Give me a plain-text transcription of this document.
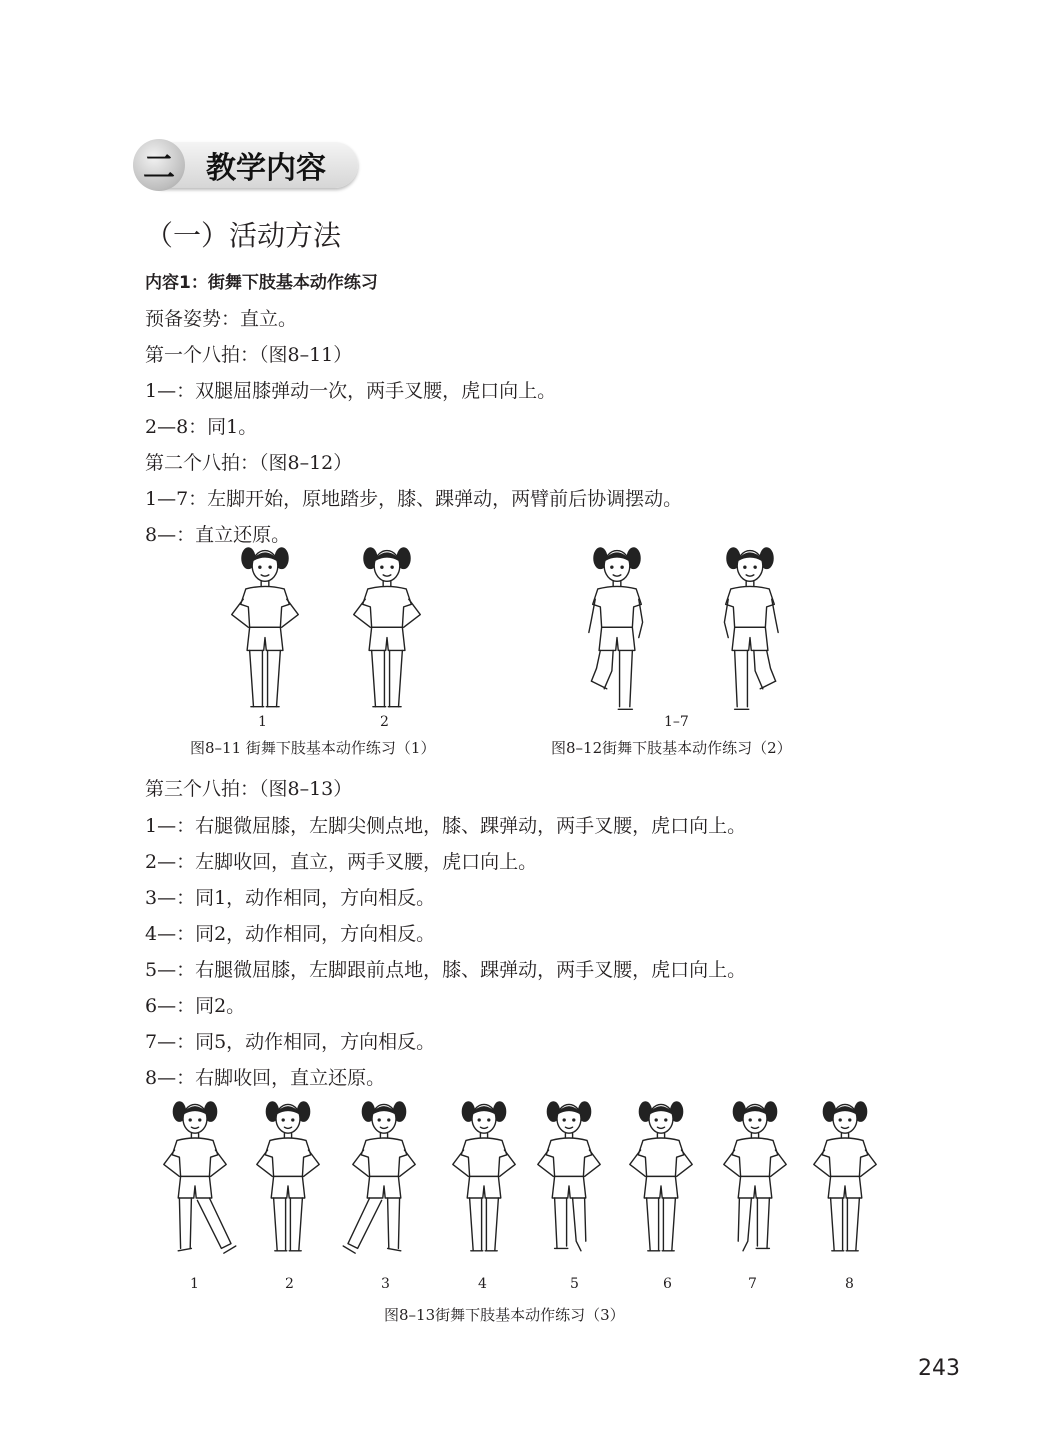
二 教学内容
（一）活动方法
内容1：街舞下肢基本动作练习
预备姿势：直立。
第一个八拍：（图8–11）
1—：双腿屈膝弹动一次，两手叉腰，虎口向上。
2—8：同1。
第二个八拍：（图8–12）
1—7：左脚开始，原地踏步，膝、踝弹动，两臂前后协调摆动。
8—：直立还原。
1	2	1–7
图8–11 街舞下肢基本动作练习（1）	图8–12街舞下肢基本动作练习（2）
第三个八拍：（图8–13）
1—：右腿微屈膝，左脚尖侧点地，膝、踝弹动，两手叉腰，虎口向上。
2—：左脚收回，直立，两手叉腰，虎口向上。
3—：同1，动作相同，方向相反。
4—：同2，动作相同，方向相反。
5—：右腿微屈膝，左脚跟前点地，膝、踝弹动，两手叉腰，虎口向上。
6—：同2。
7—：同5，动作相同，方向相反。
8—：右脚收回，直立还原。
1	2	3	4	5	6	7	8
图8–13街舞下肢基本动作练习（3）
243
